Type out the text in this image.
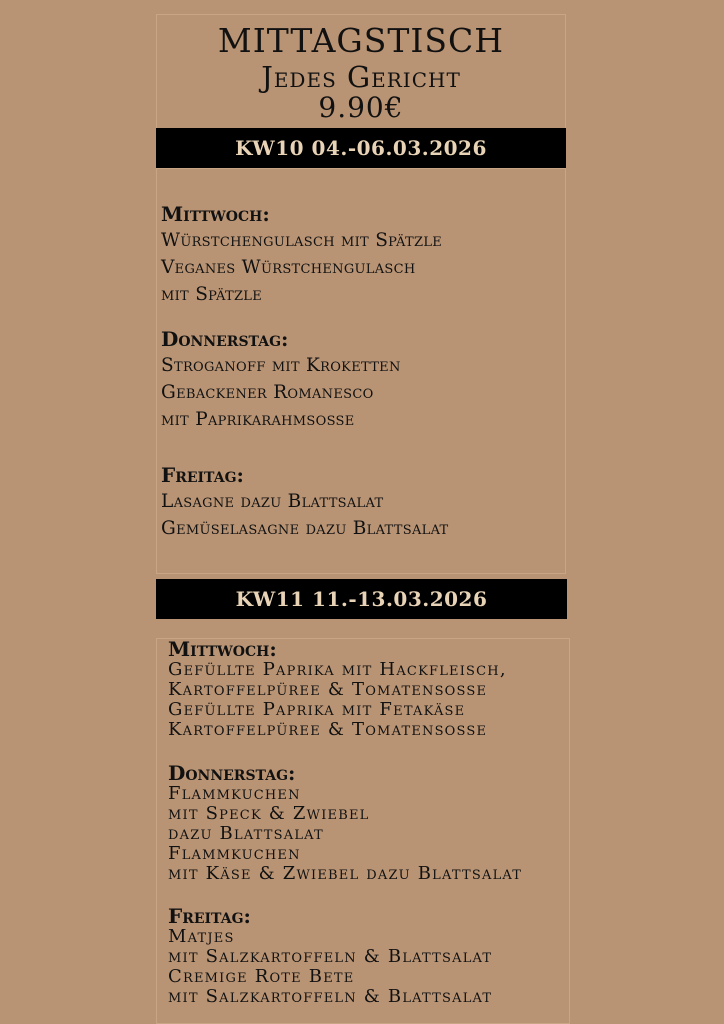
MITTAGSTISCH
Jedes Gericht
9.90€
KW10 04.-06.03.2026

Mittwoch:

Würstchengulasch mit Spätzle

Veganes Würstchengulasch

mit Spätzle

Donnerstag:

Stroganoff mit Kroketten

Gebackener Romanesco

mit Paprikarahmsosse

Freitag:

Lasagne dazu Blattsalat

Gemüselasagne dazu Blattsalat

KW11 11.-13.03.2026

Mittwoch:

Gefüllte Paprika mit Hackfleisch,

Kartoffelpüree & Tomatensosse

Gefüllte Paprika mit Fetakäse

Kartoffelpüree & Tomatensosse

Donnerstag:

Flammkuchen

mit Speck & Zwiebel

dazu Blattsalat

Flammkuchen

mit Käse & Zwiebel dazu Blattsalat

Freitag:

Matjes

mit Salzkartoffeln & Blattsalat

Cremige Rote Bete

mit Salzkartoffeln & Blattsalat
